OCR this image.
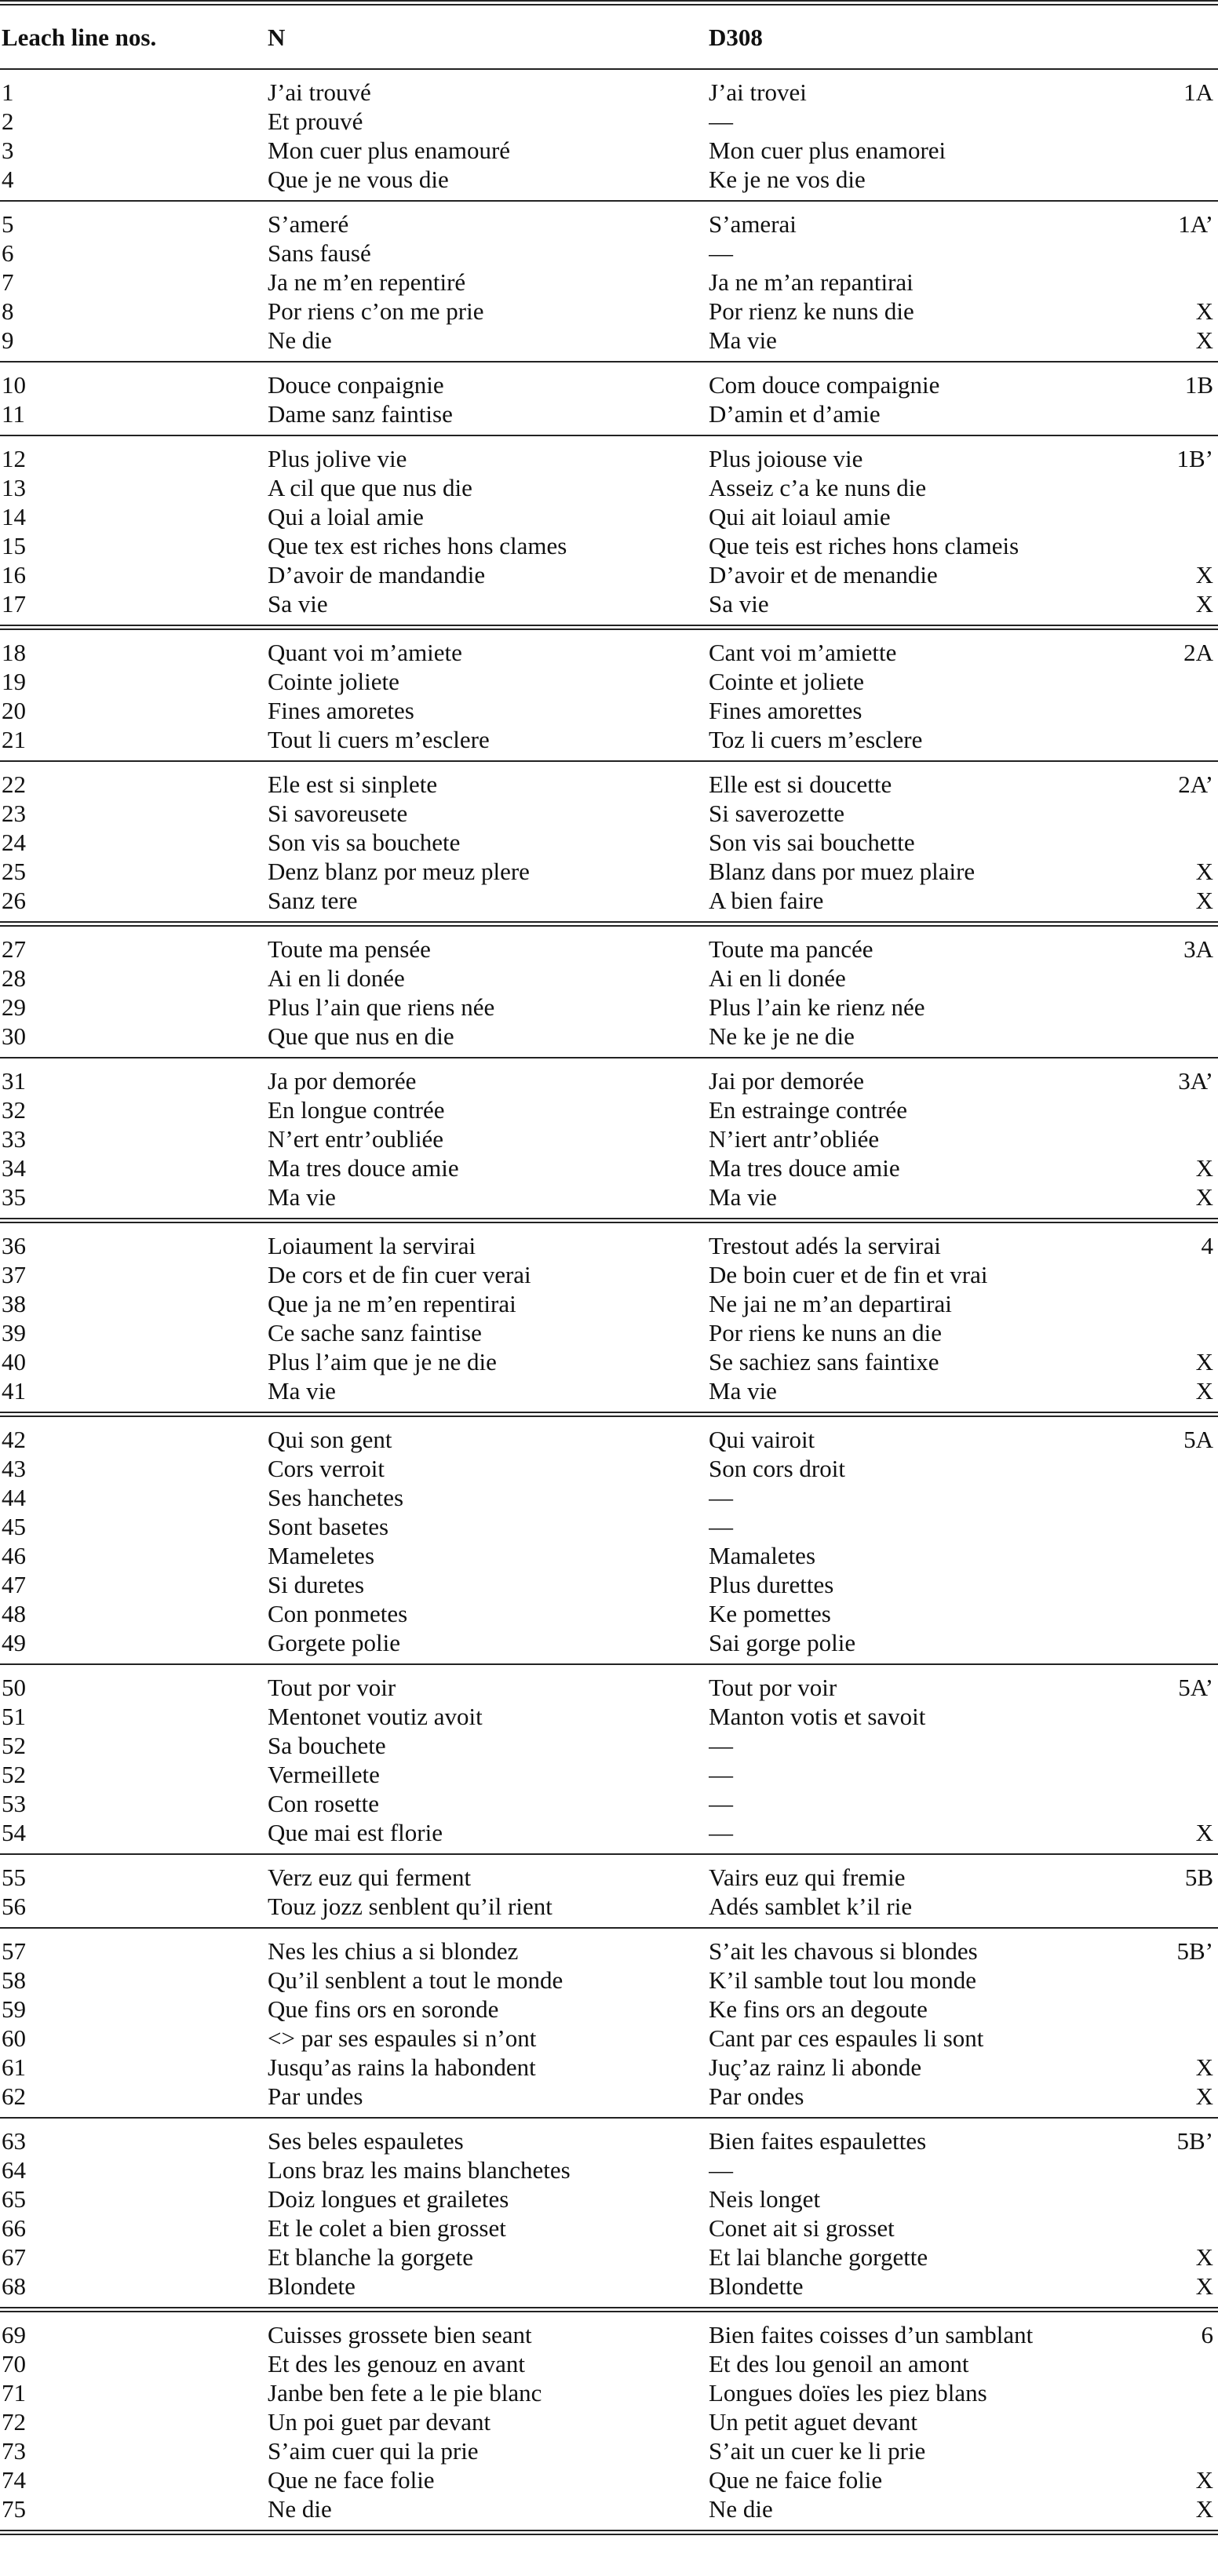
Leach line nos.	N	D308	
1	J’ai trouvé	J’ai trovei	1A
2	Et prouvé	—	
3	Mon cuer plus enamouré	Mon cuer plus enamorei	
4	Que je ne vous die	Ke je ne vos die	
5	S’ameré	S’amerai	1A’
6	Sans fausé	—	
7	Ja ne m’en repentiré	Ja ne m’an repantirai	
8	Por riens c’on me prie	Por rienz ke nuns die	X
9	Ne die	Ma vie	X
10	Douce conpaignie	Com douce compaignie	1B
11	Dame sanz faintise	D’amin et d’amie	
12	Plus jolive vie	Plus joiouse vie	1B’
13	A cil que que nus die	Asseiz c’a ke nuns die	
14	Qui a loial amie	Qui ait loiaul amie	
15	Que tex est riches hons clames	Que teis est riches hons clameis	
16	D’avoir de mandandie	D’avoir et de menandie	X
17	Sa vie	Sa vie	X
18	Quant voi m’amiete	Cant voi m’amiette	2A
19	Cointe joliete	Cointe et joliete	
20	Fines amoretes	Fines amorettes	
21	Tout li cuers m’esclere	Toz li cuers m’esclere	
22	Ele est si sinplete	Elle est si doucette	2A’
23	Si savoreusete	Si saverozette	
24	Son vis sa bouchete	Son vis sai bouchette	
25	Denz blanz por meuz plere	Blanz dans por muez plaire	X
26	Sanz tere	A bien faire	X
27	Toute ma pensée	Toute ma pancée	3A
28	Ai en li donée	Ai en li donée	
29	Plus l’ain que riens née	Plus l’ain ke rienz née	
30	Que que nus en die	Ne ke je ne die	
31	Ja por demorée	Jai por demorée	3A’
32	En longue contrée	En estrainge contrée	
33	N’ert entr’oubliée	N’iert antr’obliée	
34	Ma tres douce amie	Ma tres douce amie	X
35	Ma vie	Ma vie	X
36	Loiaument la servirai	Trestout adés la servirai	4
37	De cors et de fin cuer verai	De boin cuer et de fin et vrai	
38	Que ja ne m’en repentirai	Ne jai ne m’an departirai	
39	Ce sache sanz faintise	Por riens ke nuns an die	
40	Plus l’aim que je ne die	Se sachiez sans faintixe	X
41	Ma vie	Ma vie	X
42	Qui son gent	Qui vairoit	5A
43	Cors verroit	Son cors droit	
44	Ses hanchetes	—	
45	Sont basetes	—	
46	Mameletes	Mamaletes	
47	Si duretes	Plus durettes	
48	Con ponmetes	Ke pomettes	
49	Gorgete polie	Sai gorge polie	
50	Tout por voir	Tout por voir	5A’
51	Mentonet voutiz avoit	Manton votis et savoit	
52	Sa bouchete	—	
52	Vermeillete	—	
53	Con rosette	—	
54	Que mai est florie	—	X
55	Verz euz qui ferment	Vairs euz qui fremie	5B
56	Touz jozz senblent qu’il rient	Adés samblet k’il rie	
57	Nes les chius a si blondez	S’ait les chavous si blondes	5B’
58	Qu’il senblent a tout le monde	K’il samble tout lou monde	
59	Que fins ors en soronde	Ke fins ors an degoute	
60	<> par ses espaules si n’ont	Cant par ces espaules li sont	
61	Jusqu’as rains la habondent	Juç’az rainz li abonde	X
62	Par undes	Par ondes	X
63	Ses beles espauletes	Bien faites espaulettes	5B’
64	Lons braz les mains blanchetes	—	
65	Doiz longues et grailetes	Neis longet	
66	Et le colet a bien grosset	Conet ait si grosset	
67	Et blanche la gorgete	Et lai blanche gorgette	X
68	Blondete	Blondette	X
69	Cuisses grossete bien seant	Bien faites coisses d’un samblant	6
70	Et des les genouz en avant	Et des lou genoil an amont	
71	Janbe ben fete a le pie blanc	Longues doïes les piez blans	
72	Un poi guet par devant	Un petit aguet devant	
73	S’aim cuer qui la prie	S’ait un cuer ke li prie	
74	Que ne face folie	Que ne faice folie	X
75	Ne die	Ne die	X
